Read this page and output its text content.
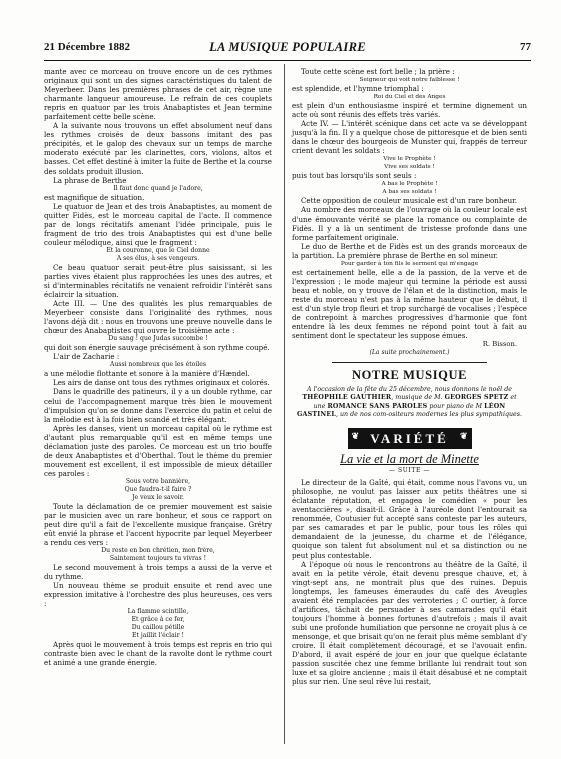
21 Décembre 1882	LA MUSIQUE POPULAIRE	77

mante avec ce morceau on trouve encore un de ces rythmes originaux qui sont un des signes caractéristiques du talent de Meyerbeer. Dans les premières phrases de cet air, règne une charmante langueur amoureuse. Le refrain de ces couplets repris en quatuor par les trois Anabaptistes et Jean termine parfaitement cette belle scène.

A la suivante nous trouvons un effet absolument neuf dans les rythmes croisés de deux bassons imitant des pas précipités, et le galop des chevaux sur un temps de marche moderato exécuté par les clarinettes, cors, violons, altos et basses. Cet effet destiné à imiter la fuite de Berthe et la course des soldats produit illusion.

La phrase de Berthe

Il faut donc quand je l'adore,

est magnifique de situation.

Le quatuor de Jean et des trois Anabaptistes, au moment de quitter Fidès, est le morceau capital de l'acte. Il commence par de longs récitatifs amenant l'idée principale, puis le fragment de trio des trois Anabaptistes qui est d'une belle couleur mélodique, ainsi que le fragment :

Et la couronne, que le Ciel donne

A ses élus, à ses vengeurs.

Ce beau quatuor serait peut-être plus saisissant, si les parties vives étaient plus rapprochées les unes des autres, et si d'interminables récitatifs ne venaient refroidir l'intérêt sans éclaircir la situation.

Acte III. — Une des qualités les plus remarquables de Meyerbeer consiste dans l'originalité des rythmes, nous l'avons déjà dit : nous en trouvons une preuve nouvelle dans le chœur des Anabaptistes qui ouvre le troisième acte :

Du sang ! que Judas succombe !

qui doit son énergie sauvage précisément à son rythme coupé.

L'air de Zacharie :

Aussi nombreux que les étoiles

a une mélodie flottante et sonore à la manière d'Hændel.

Les airs de danse ont tous des rythmes originaux et colorés.

Dans le quadrille des patineurs, il y a un double rythme, car celui de l'accompagnement marque très bien le mouvement d'impulsion qu'on se donne dans l'exercice du patin et celui de la mélodie est à la fois bien scandé et très élégant.

Après les danses, vient un morceau capital où le rythme est d'autant plus remarquable qu'il est en même temps une déclamation juste des paroles. Ce morceau est un trio bouffe de deux Anabaptistes et d'Oberthal. Tout le thème du premier mouvement est excellent, il est impossible de mieux détailler ces paroles :

Sous votre bannière,

Que faudra-t-il faire ?

Je veux le savoir.

Toute la déclamation de ce premier mouvement est saisie par le musicien avec un rare bonheur, et sous ce rapport on peut dire qu'il a fait de l'excellente musique française. Grétry eût envié la phrase et l'accent hypocrite par lequel Meyerbeer a rendu ces vers :

Du reste en bon chrétien, mon frère,

Saintement toujours tu vivras !

Le second mouvement à trois temps a aussi de la verve et du rythme.

Un nouveau thème se produit ensuite et rend avec une expression imitative à l'orchestre des plus heureuses, ces vers :

La flamme scintille,

Et grâce à ce fer,

Du caillou pétille

Et jaillit l'éclair !

Après quoi le mouvement à trois temps est repris en trio qui contraste bien avec le chant de la ravolte dont le rythme court et animé a une grande énergie.

Toute cette scène est fort belle ; la prière :

Seigneur qui voit notre faiblesse !

est splendide, et l'hymne triomphal :

Roi du Ciel et des Anges

est plein d'un enthousiasme inspiré et termine dignement un acte où sont réunis des effets très variés.

Acte IV. — L'intérêt scénique dans cet acte va se développant jusqu'à la fin. Il y a quelque chose de pittoresque et de bien senti dans le chœur des bourgeois de Munster qui, frappés de terreur crient devant les soldats :

Vive le Prophète !

Vive ses soldats !

puis tout bas lorsqu'ils sont seuls :

A bas le Prophète !

A bas ses soldats !

Cette opposition de couleur musicale est d'un rare bonheur.

Au nombre des morceaux de l'ouvrage où la couleur locale est d'une émouvante vérité se place la romance ou complainte de Fidès. Il y a là un sentiment de tristesse profonde dans une forme parfaitement originale.

Le duo de Berthe et de Fidès est un des grands morceaux de la partition. La première phrase de Berthe en sol mineur.

Pour garder à ton fils le serment qui m'engage

est certainement belle, elle a de la passion, de la verve et de l'expression ; le mode majeur qui termine la période est aussi beau et noble, on y trouve de l'élan et de la distinction, mais le reste du morceau n'est pas à la même hauteur que le début, il est d'un style trop fleuri et trop surchargé de vocalises ; l'espèce de contrepoint à marches progressives d'harmonie que font entendre là les deux femmes ne répond point tout à fait au sentiment dont le spectateur les suppose émues.

R. Bisson.

(La suite prochainement.)

NOTRE MUSIQUE

A l'occasion de la fête du 25 décembre, nous donnons le noël de THÉOPHILE GAUTHIER, musique de M. GEORGES SPETZ et une ROMANCE SANS PAROLES pour piano de M LÉON GASTINEL, un de nos com-ositeurs modernes les plus sympathiques.

❦ VARIÉTÉ ❦
La vie et la mort de Minette
— SUITE —

Le directeur de la Gaîté, qui était, comme nous l'avons vu, un philosophe, ne voulut pas laisser aux petits théâtres une si éclatante réputation, et engagea le comédien « pour les aventaccières », disait-il. Grâce à l'auréole dont l'entourait sa renommée, Coutusier fut accepté sans conteste par les auteurs, par ses camarades et par le public, pour tous les rôles qui demandaient de la jeunesse, du charme et de l'élégance, quoique son talent fut absolument nul et sa distinction ou ne peut plus contestable.

A l'époque où nous le rencontrons au théâtre de la Gaîté, il avait en la petite vérole, était devenu presque chauve, et, à vingt-sept ans, ne montrait plus que des ruines. Depuis longtemps, les fameuses émeraudes du café des Aveugles avaient été remplacées par des verroteries ; C ourtier, à force d'artifices, tâchait de persuader à ses camarades qu'il était toujours l'homme à bonnes fortunes d'autrefois ; mais il avait subi une profonde humiliation que personne ne croyait plus à ce mensonge, et que brisait qu'on ne ferait plus même semblant d'y croire. Il était complètement découragé, et se l'avouait enfin. D'abord, il avait espéré de jour en jour que quelque éclatante passion suscitée chez une femme brillante lui rendrait tout son luxe et sa gloire ancienne ; mais il était désabusé et ne comptait plus sur rien. Une seul rêve lui restait,
